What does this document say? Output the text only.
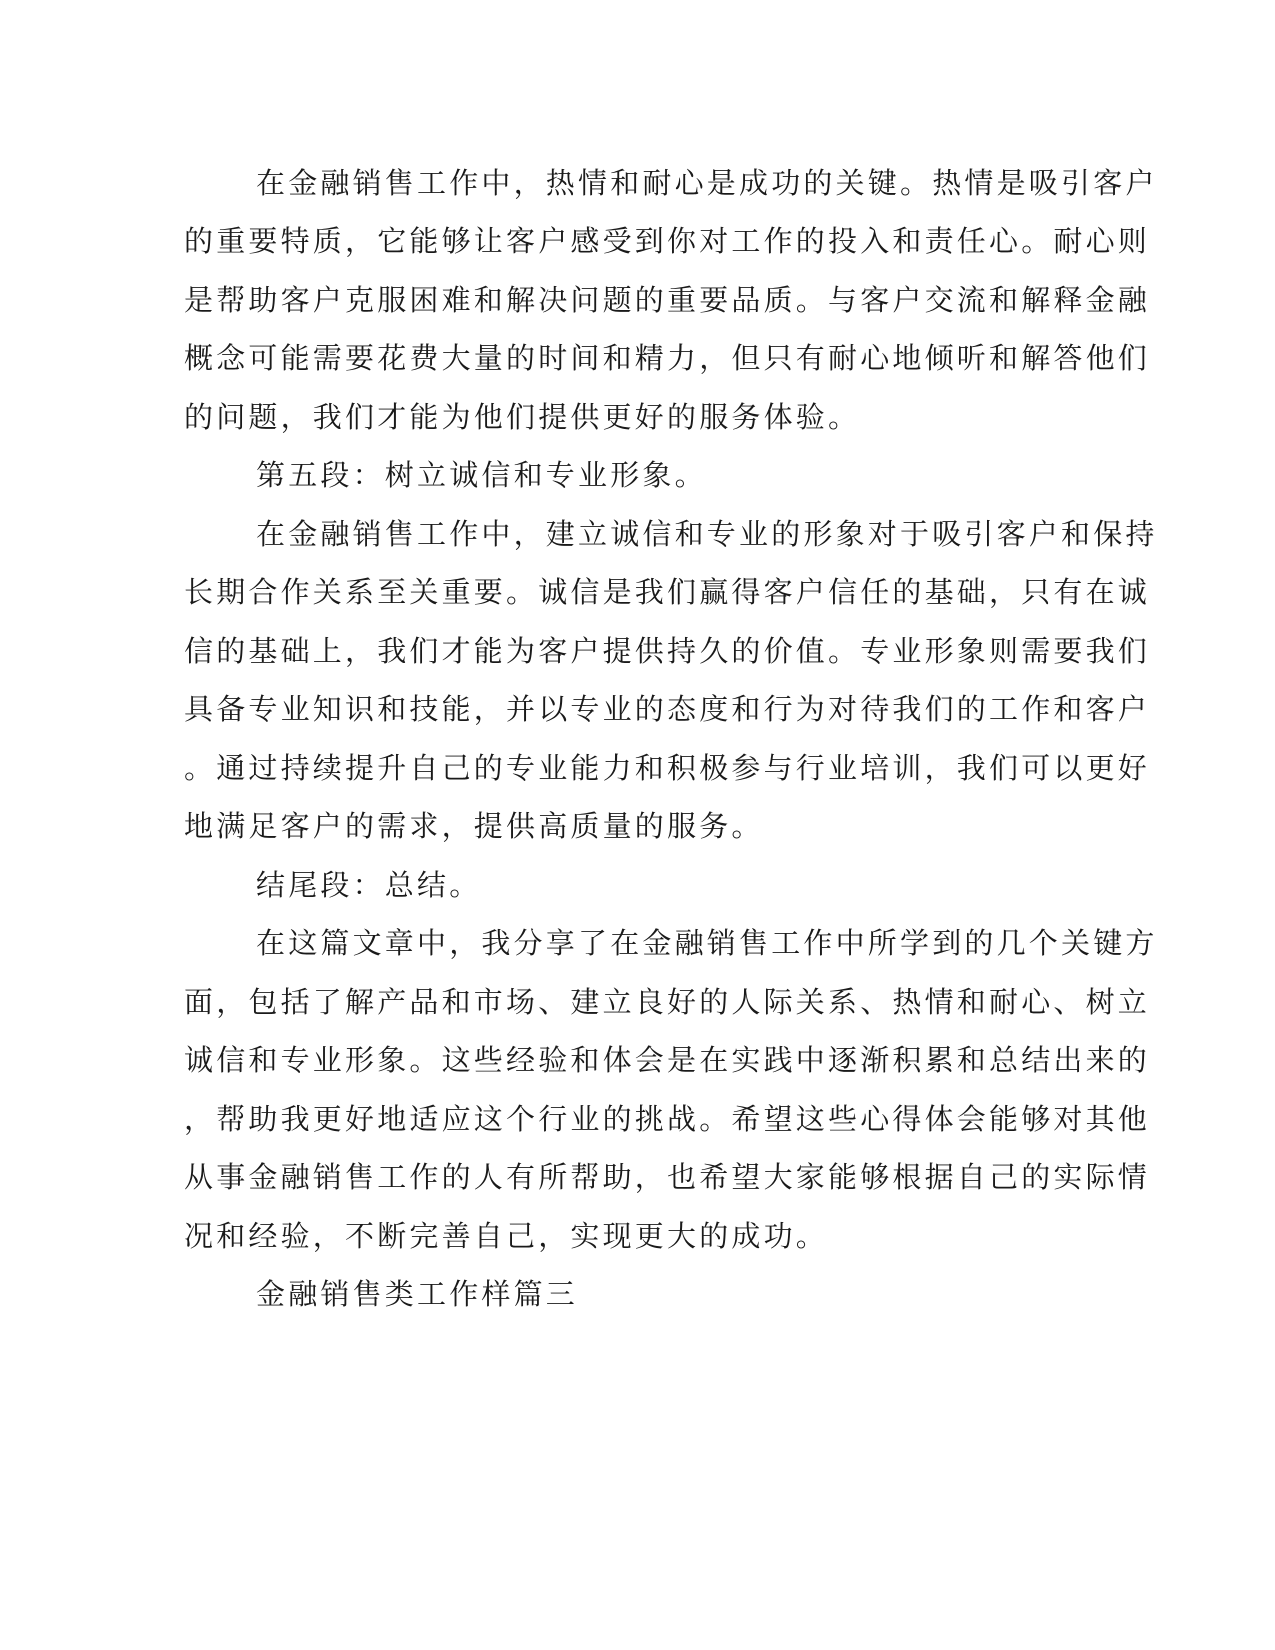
在金融销售工作中，热情和耐心是成功的关键。热情是吸引客户
的重要特质，它能够让客户感受到你对工作的投入和责任心。耐心则
是帮助客户克服困难和解决问题的重要品质。与客户交流和解释金融
概念可能需要花费大量的时间和精力，但只有耐心地倾听和解答他们
的问题，我们才能为他们提供更好的服务体验。
第五段：树立诚信和专业形象。
在金融销售工作中，建立诚信和专业的形象对于吸引客户和保持
长期合作关系至关重要。诚信是我们赢得客户信任的基础，只有在诚
信的基础上，我们才能为客户提供持久的价值。专业形象则需要我们
具备专业知识和技能，并以专业的态度和行为对待我们的工作和客户
。通过持续提升自己的专业能力和积极参与行业培训，我们可以更好
地满足客户的需求，提供高质量的服务。
结尾段：总结。
在这篇文章中，我分享了在金融销售工作中所学到的几个关键方
面，包括了解产品和市场、建立良好的人际关系、热情和耐心、树立
诚信和专业形象。这些经验和体会是在实践中逐渐积累和总结出来的
，帮助我更好地适应这个行业的挑战。希望这些心得体会能够对其他
从事金融销售工作的人有所帮助，也希望大家能够根据自己的实际情
况和经验，不断完善自己，实现更大的成功。
金融销售类工作样篇三
